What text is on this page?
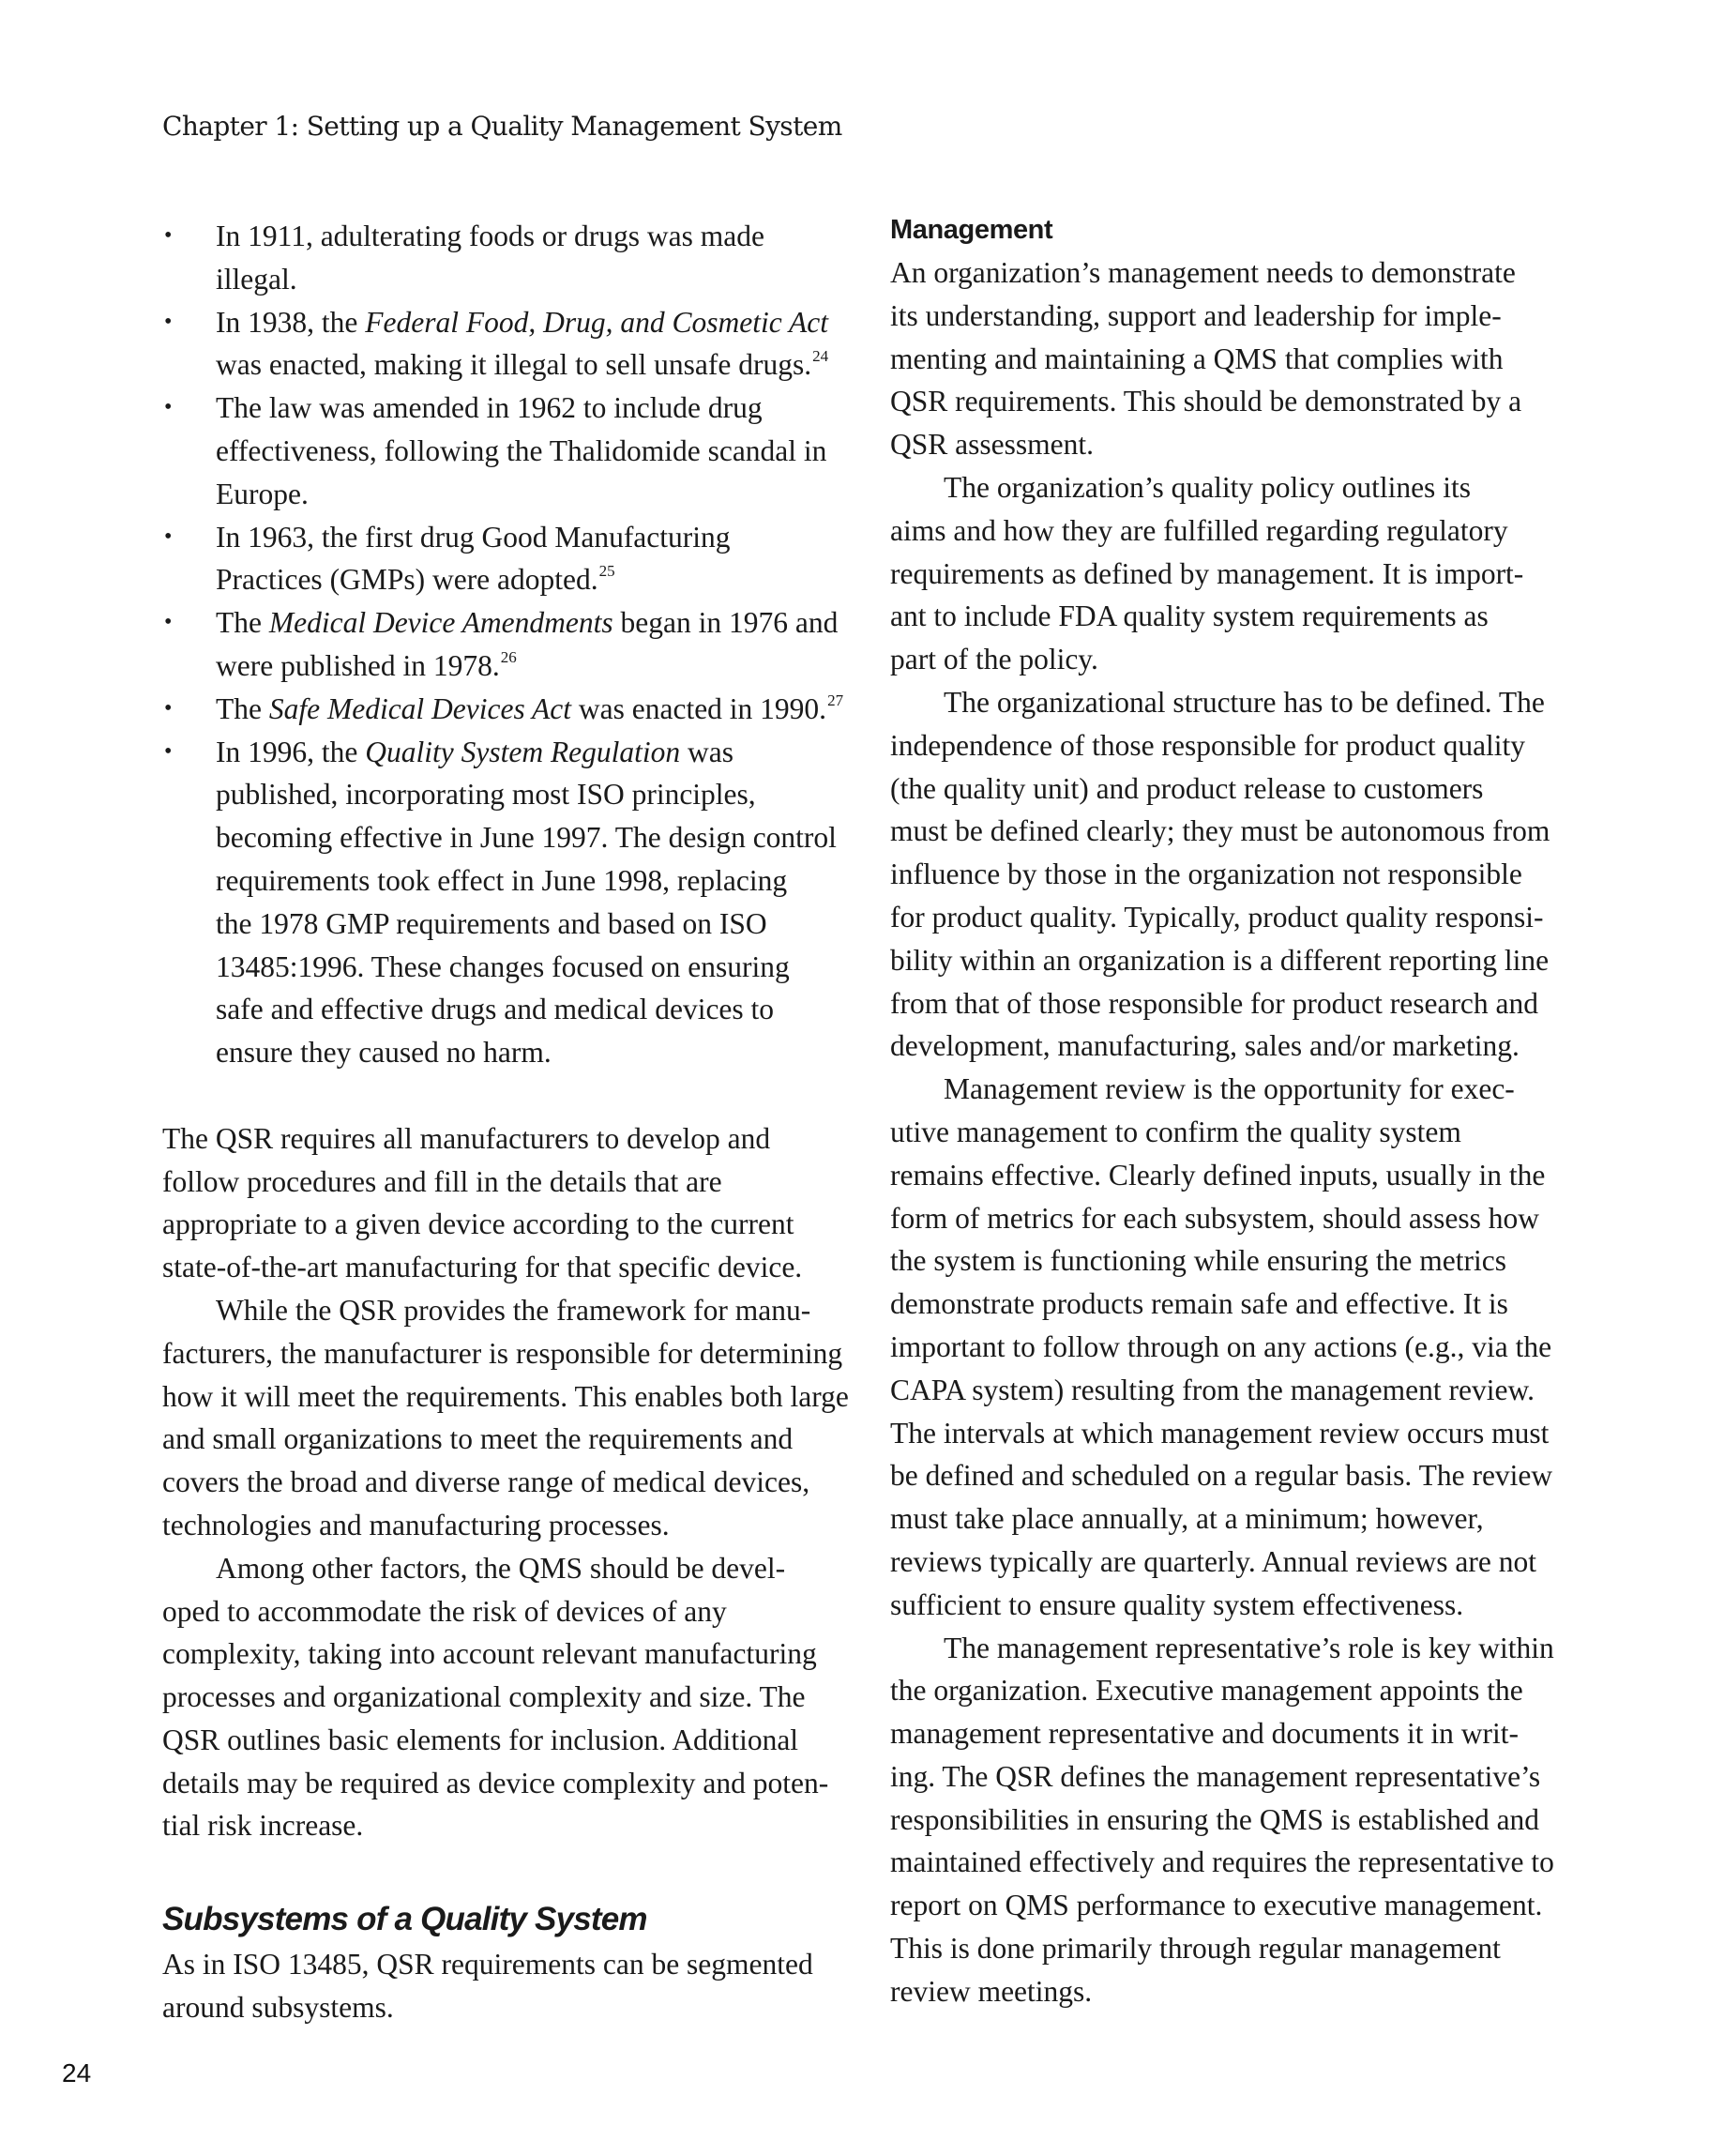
Chapter 1: Setting up a Quality Management System
• In 1911, adulterating foods or drugs was made
illegal.
• In 1938, the Federal Food, Drug, and Cosmetic Act
was enacted, making it illegal to sell unsafe drugs.$^{24}$
• The law was amended in 1962 to include drug
effectiveness, following the Thalidomide scandal in
Europe.
• In 1963, the first drug Good Manufacturing
Practices (GMPs) were adopted.$^{25}$
• The Medical Device Amendments began in 1976 and
were published in 1978.26
• The Safe Medical Devices Act was enacted in 1990.27
• In 1996, the Quality System Regulation was
published, incorporating most ISO principles,
becoming effective in June 1997. The design control
requirements took effect in June 1998, replacing
the 1978 GMP requirements and based on ISO
13485:1996. These changes focused on ensuring
safe and effective drugs and medical devices to
ensure they caused no harm.
The QSR requires all manufacturers to develop and
follow procedures and fill in the details that are
appropriate to a given device according to the current
state-of-the-art manufacturing for that specific device.
While the QSR provides the framework for manu-
facturers, the manufacturer is responsible for determining
how it will meet the requirements. This enables both large
and small organizations to meet the requirements and
covers the broad and diverse range of medical devices,
technologies and manufacturing processes.
Among other factors, the QMS should be devel-
oped to accommodate the risk of devices of any
complexity, taking into account relevant manufacturing
processes and organizational complexity and size. The
QSR outlines basic elements for inclusion. Additional
details may be required as device complexity and poten-
tial risk increase.
Subsystems of a Quality System
As in ISO 13485, QSR requirements can be segmented
around subsystems.
Management
An organization’s management needs to demonstrate
its understanding, support and leadership for imple-
menting and maintaining a QMS that complies with
QSR requirements. This should be demonstrated by a
QSR assessment.
The organization’s quality policy outlines its
aims and how they are fulfilled regarding regulatory
requirements as defined by management. It is import-
ant to include FDA quality system requirements as
part of the policy.
The organizational structure has to be defined. The
independence of those responsible for product quality
(the quality unit) and product release to customers
must be defined clearly; they must be autonomous from
influence by those in the organization not responsible
for product quality. Typically, product quality responsi-
bility within an organization is a different reporting line
from that of those responsible for product research and
development, manufacturing, sales and/or marketing.
Management review is the opportunity for exec-
utive management to confirm the quality system
remains effective. Clearly defined inputs, usually in the
form of metrics for each subsystem, should assess how
the system is functioning while ensuring the metrics
demonstrate products remain safe and effective. It is
important to follow through on any actions (e.g., via the
CAPA system) resulting from the management review.
The intervals at which management review occurs must
be defined and scheduled on a regular basis. The review
must take place annually, at a minimum; however,
reviews typically are quarterly. Annual reviews are not
sufficient to ensure quality system effectiveness.
The management representative’s role is key within
the organization. Executive management appoints the
management representative and documents it in writ-
ing. The QSR defines the management representative’s
responsibilities in ensuring the QMS is established and
maintained effectively and requires the representative to
report on QMS performance to executive management.
This is done primarily through regular management
review meetings.
24
